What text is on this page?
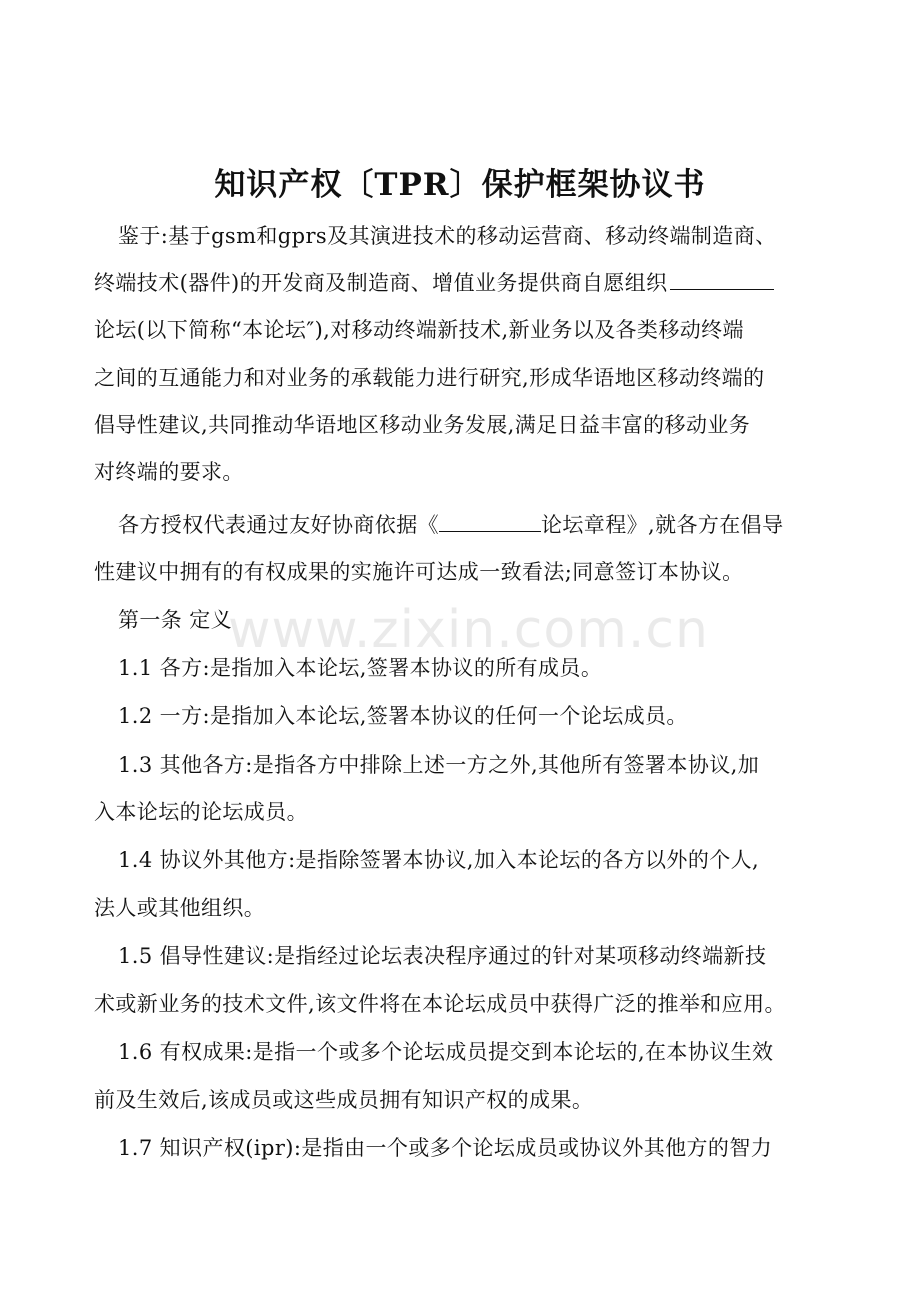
www.zixin.com.cn
知识产权〔TPR〕保护框架协议书
鉴于:基于gsm和gprs及其演进技术的移动运营商、移动终端制造商、
终端技术(器件)的开发商及制造商、增值业务提供商自愿组织
论坛(以下简称“本论坛″),对移动终端新技术,新业务以及各类移动终端
之间的互通能力和对业务的承载能力进行研究,形成华语地区移动终端的
倡导性建议,共同推动华语地区移动业务发展,满足日益丰富的移动业务
对终端的要求。
各方授权代表通过友好协商依据《	论坛章程》,就各方在倡导
性建议中拥有的有权成果的实施许可达成一致看法;同意签订本协议。
第一条 定义
1.1 各方:是指加入本论坛,签署本协议的所有成员。
1.2 一方:是指加入本论坛,签署本协议的任何一个论坛成员。
1.3 其他各方:是指各方中排除上述一方之外,其他所有签署本协议,加
入本论坛的论坛成员。
1.4 协议外其他方:是指除签署本协议,加入本论坛的各方以外的个人,
法人或其他组织。
1.5 倡导性建议:是指经过论坛表决程序通过的针对某项移动终端新技
术或新业务的技术文件,该文件将在本论坛成员中获得广泛的推举和应用。
1.6 有权成果:是指一个或多个论坛成员提交到本论坛的,在本协议生效
前及生效后,该成员或这些成员拥有知识产权的成果。
1.7 知识产权(ipr):是指由一个或多个论坛成员或协议外其他方的智力
